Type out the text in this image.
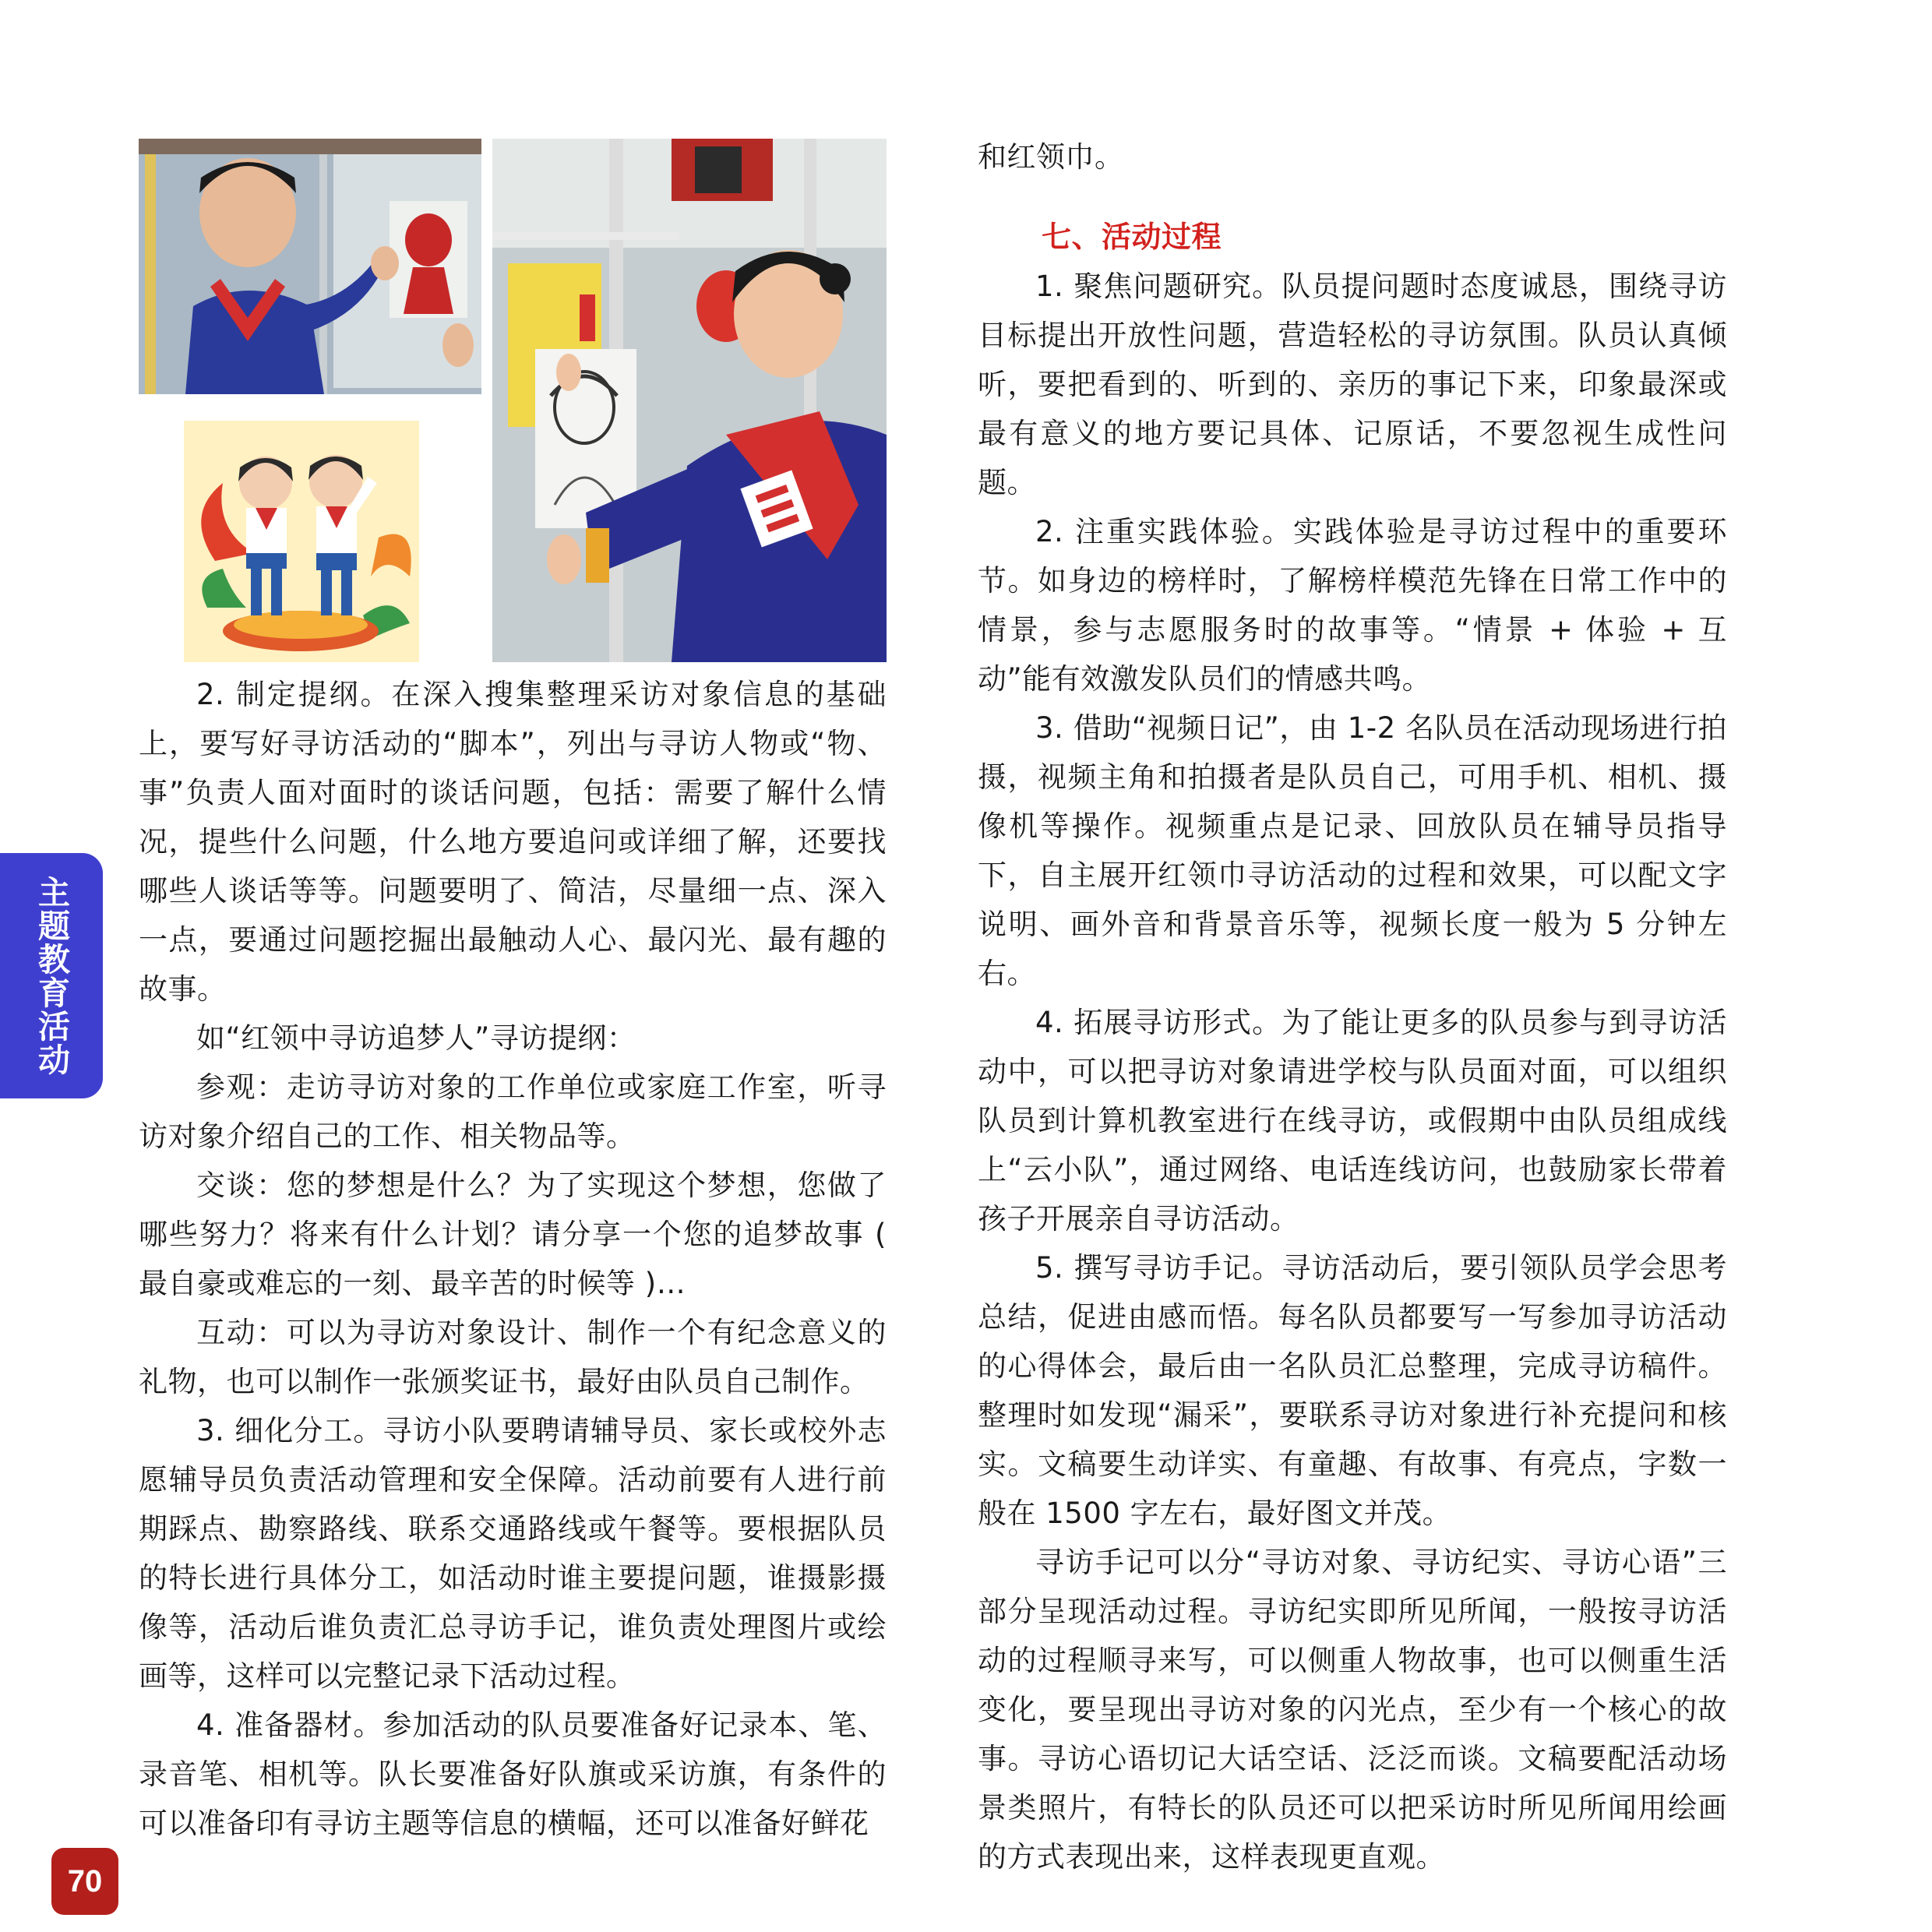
2. 制定提纲。在深入搜集整理采访对象信息的基础上，要写好寻访活动的“脚本”，列出与寻访人物或“物、事”负责人面对面时的谈话问题，包括：需要了解什么情况，提些什么问题，什么地方要追问或详细了解，还要找哪些人谈话等等。问题要明了、简洁，尽量细一点、深入一点，要通过问题挖掘出最触动人心、最闪光、最有趣的故事。

如“红领中寻访追梦人”寻访提纲：

参观：走访寻访对象的工作单位或家庭工作室，听寻访对象介绍自己的工作、相关物品等。

交谈：您的梦想是什么？为了实现这个梦想，您做了哪些努力？将来有什么计划？请分享一个您的追梦故事 ( 最自豪或难忘的一刻、最辛苦的时候等 )…

互动：可以为寻访对象设计、制作一个有纪念意义的礼物，也可以制作一张颁奖证书，最好由队员自己制作。

3. 细化分工。寻访小队要聘请辅导员、家长或校外志愿辅导员负责活动管理和安全保障。活动前要有人进行前期踩点、勘察路线、联系交通路线或午餐等。要根据队员的特长进行具体分工，如活动时谁主要提问题，谁摄影摄像等，活动后谁负责汇总寻访手记，谁负责处理图片或绘画等，这样可以完整记录下活动过程。

4. 准备器材。参加活动的队员要准备好记录本、笔、录音笔、相机等。队长要准备好队旗或采访旗，有条件的可以准备印有寻访主题等信息的横幅，还可以准备好鲜花

和红领巾。

七、活动过程

1. 聚焦问题研究。队员提问题时态度诚恳，围绕寻访目标提出开放性问题，营造轻松的寻访氛围。队员认真倾听，要把看到的、听到的、亲历的事记下来，印象最深或最有意义的地方要记具体、记原话，不要忽视生成性问题。

2. 注重实践体验。实践体验是寻访过程中的重要环节。如身边的榜样时，了解榜样模范先锋在日常工作中的情景，参与志愿服务时的故事等。“情景 + 体验 + 互动”能有效激发队员们的情感共鸣。

3. 借助“视频日记”，由 1-2 名队员在活动现场进行拍摄，视频主角和拍摄者是队员自己，可用手机、相机、摄像机等操作。视频重点是记录、回放队员在辅导员指导下，自主展开红领巾寻访活动的过程和效果，可以配文字说明、画外音和背景音乐等，视频长度一般为 5 分钟左右。

4. 拓展寻访形式。为了能让更多的队员参与到寻访活动中，可以把寻访对象请进学校与队员面对面，可以组织队员到计算机教室进行在线寻访，或假期中由队员组成线上“云小队”，通过网络、电话连线访问，也鼓励家长带着孩子开展亲自寻访活动。

5. 撰写寻访手记。寻访活动后，要引领队员学会思考总结，促进由感而悟。每名队员都要写一写参加寻访活动的心得体会，最后由一名队员汇总整理，完成寻访稿件。整理时如发现“漏采”，要联系寻访对象进行补充提问和核实。文稿要生动详实、有童趣、有故事、有亮点，字数一般在 1500 字左右，最好图文并茂。

寻访手记可以分“寻访对象、寻访纪实、寻访心语”三部分呈现活动过程。寻访纪实即所见所闻，一般按寻访活动的过程顺寻来写，可以侧重人物故事，也可以侧重生活变化，要呈现出寻访对象的闪光点，至少有一个核心的故事。寻访心语切记大话空话、泛泛而谈。文稿要配活动场景类照片，有特长的队员还可以把采访时所见所闻用绘画的方式表现出来，这样表现更直观。

主题教育活动
70
